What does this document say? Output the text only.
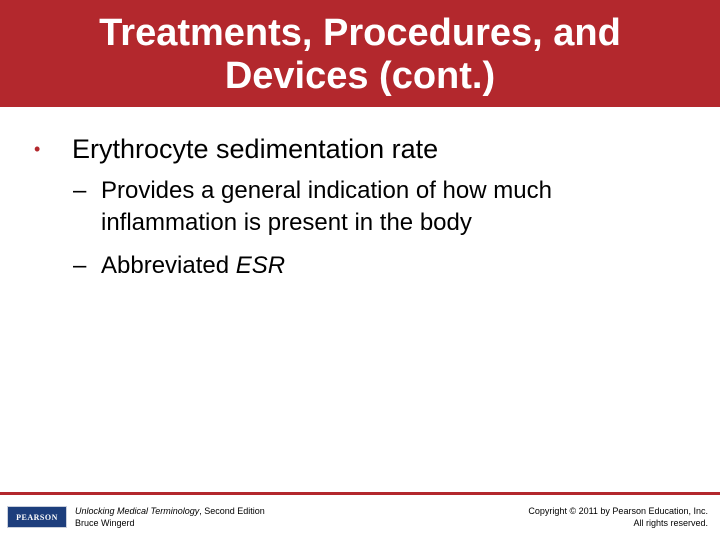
Treatments, Procedures, and
Devices (cont.)
• Erythrocyte sedimentation rate
– Provides a general indication of how much inflammation is present in the body
– Abbreviated ESR
PEARSON
Unlocking Medical Terminology, Second Edition
Bruce Wingerd
Copyright © 2011 by Pearson Education, Inc.
All rights reserved.
